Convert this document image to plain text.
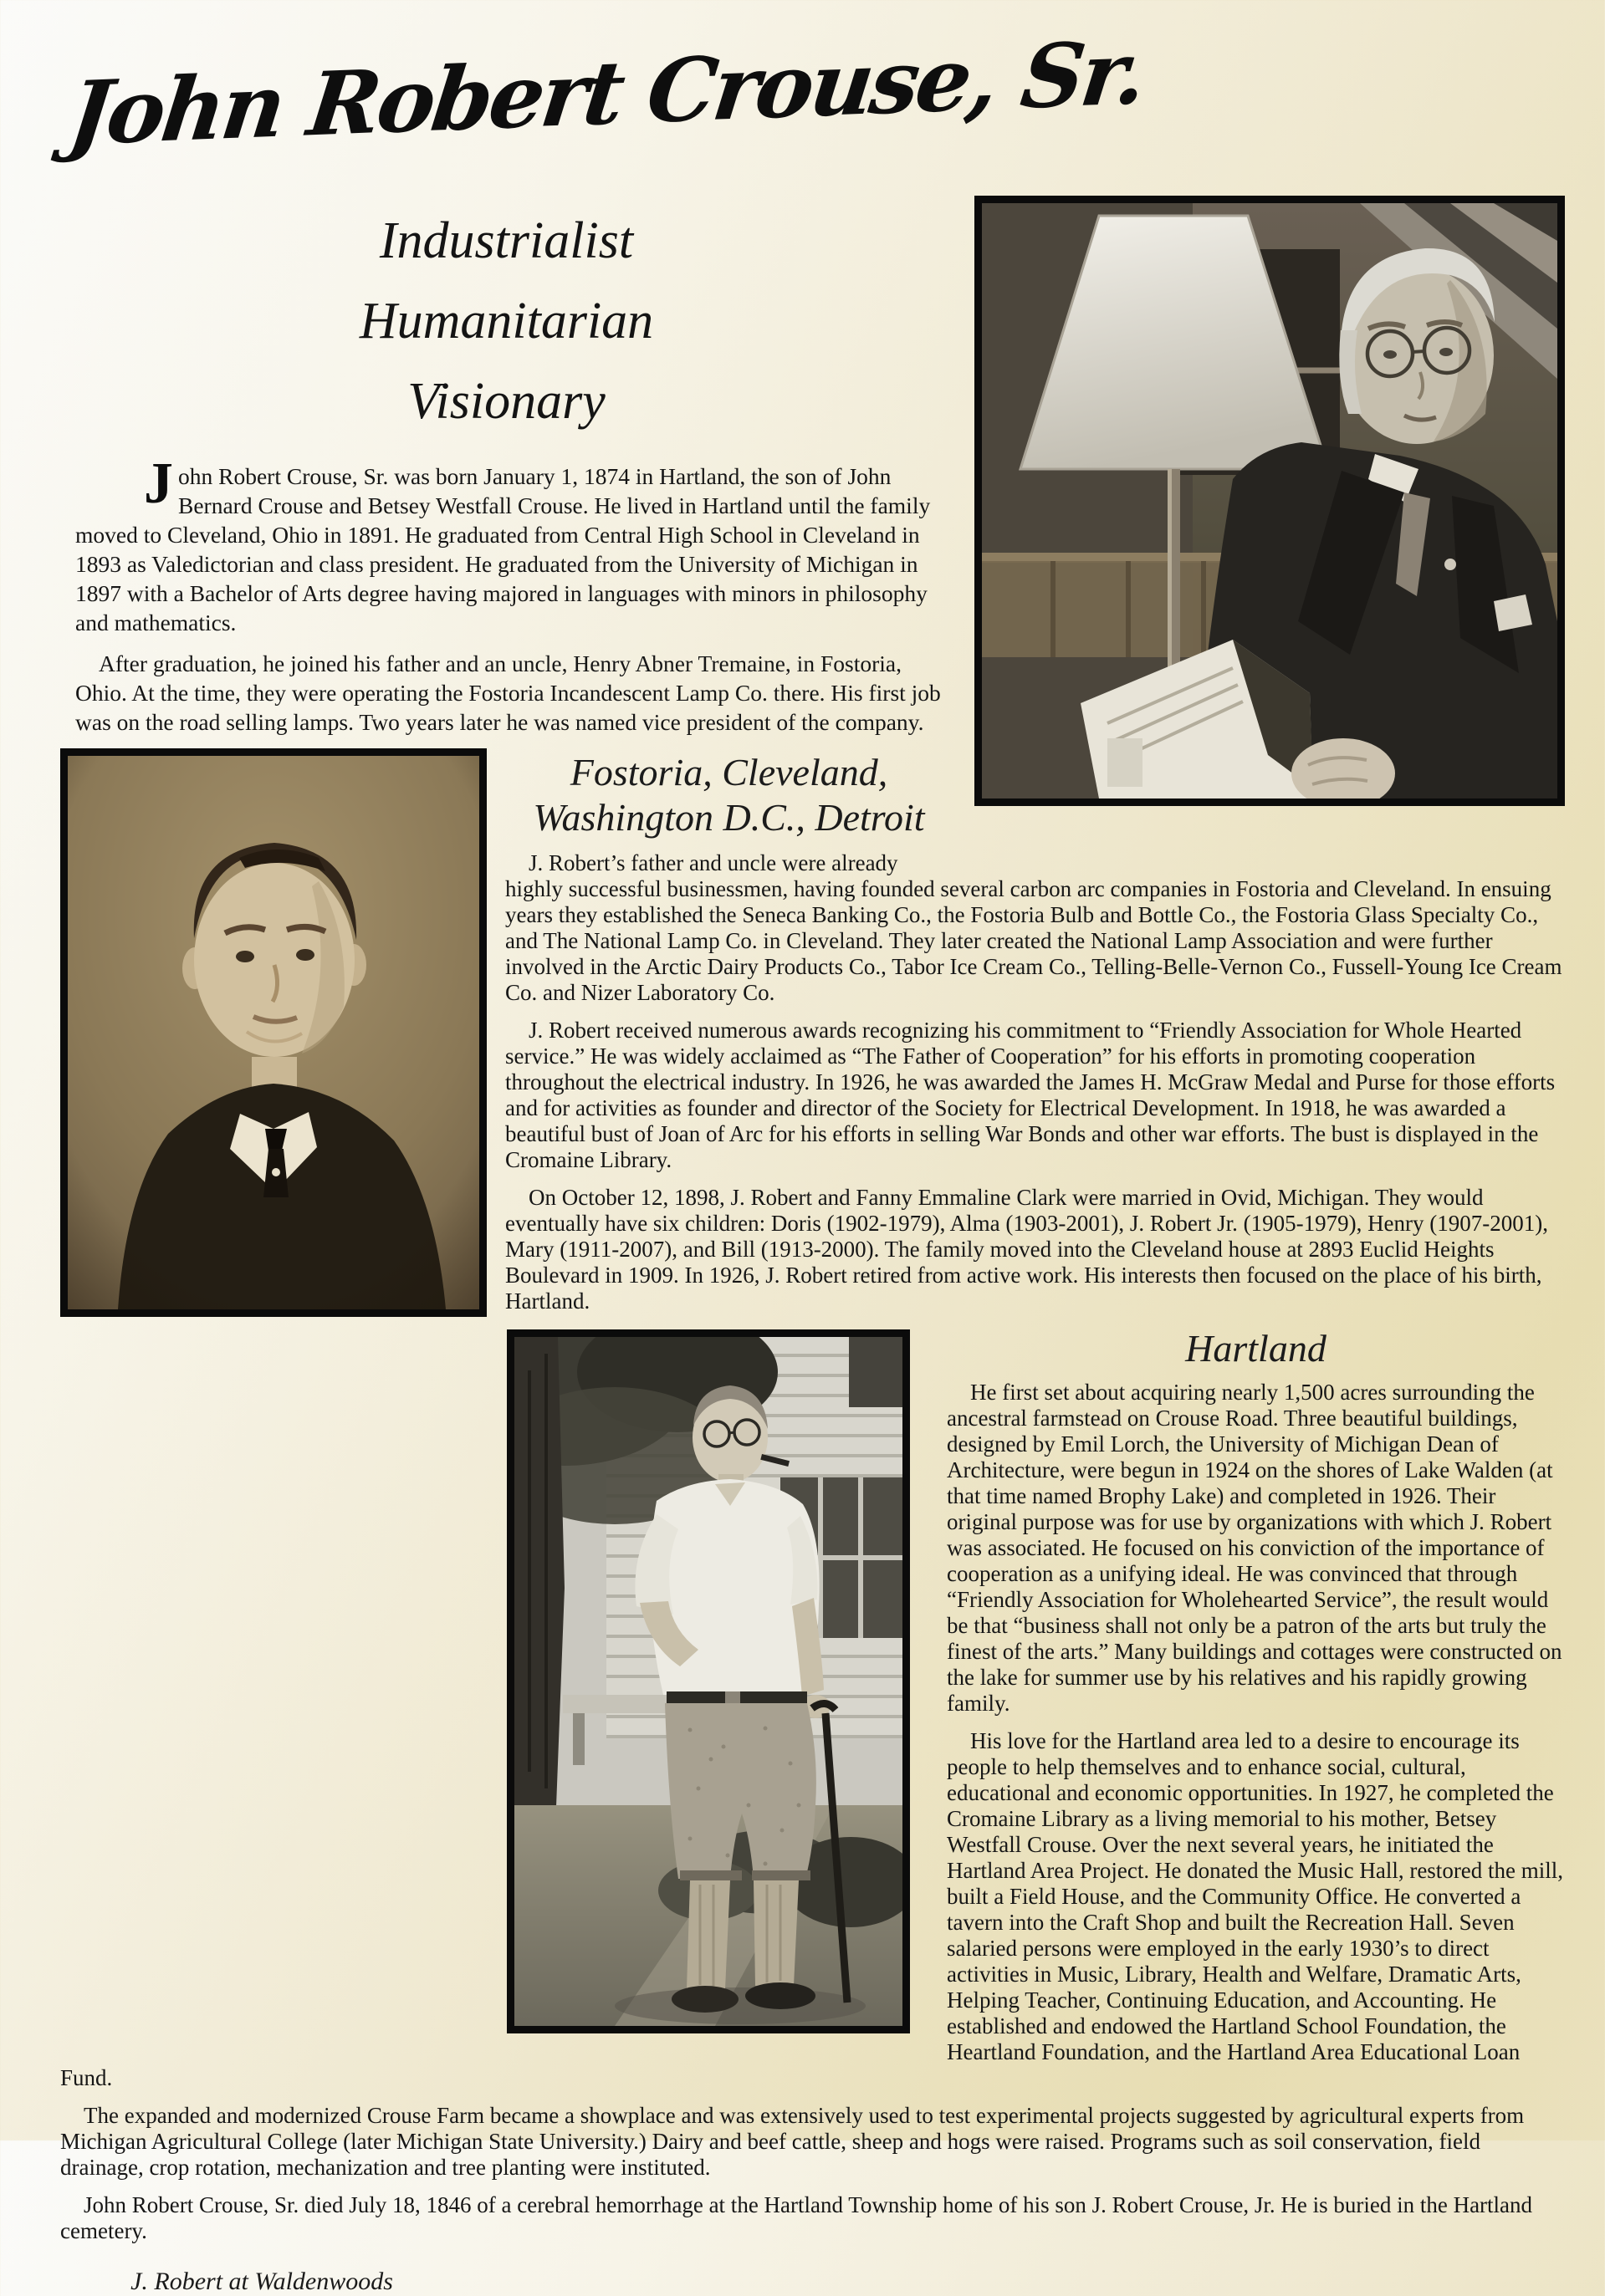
John Robert Crouse, Sr.
Industrialist
Humanitarian
Visionary

John Robert Crouse, Sr. was born January 1, 1874 in Hartland, the son of John Bernard Crouse and Betsey Westfall Crouse. He lived in Hartland until the family moved to Cleveland, Ohio in 1891. He graduated from Central High School in Cleveland in 1893 as Valedictorian and class president. He graduated from the University of Michigan in 1897 with a Bachelor of Arts degree having majored in languages with minors in philosophy and mathematics.

After graduation, he joined his father and an uncle, Henry Abner Tremaine, in Fostoria, Ohio. At the time, they were operating the Fostoria Incandescent Lamp Co. there. His first job was on the road selling lamps. Two years later he was named vice president of the company.

Fostoria, Cleveland,
Washington D.C., Detroit

J. Robert’s father and uncle were already highly successful businessmen, having founded several carbon arc companies in Fostoria and Cleveland. In ensuing years they established the Seneca Banking Co., the Fostoria Bulb and Bottle Co., the Fostoria Glass Specialty Co., and The National Lamp Co. in Cleveland. They later created the National Lamp Association and were further involved in the Arctic Dairy Products Co., Tabor Ice Cream Co., Telling-Belle-Vernon Co., Fussell-Young Ice Cream Co. and Nizer Laboratory Co.

J. Robert received numerous awards recognizing his commitment to “Friendly Association for Whole Hearted service.” He was widely acclaimed as “The Father of Cooperation” for his efforts in promoting cooperation throughout the electrical industry. In 1926, he was awarded the James H. McGraw Medal and Purse for those efforts and for activities as founder and director of the Society for Electrical Development. In 1918, he was awarded a beautiful bust of Joan of Arc for his efforts in selling War Bonds and other war efforts. The bust is displayed in the Cromaine Library.

On October 12, 1898, J. Robert and Fanny Emmaline Clark were married in Ovid, Michigan. They would eventually have six children: Doris (1902-1979), Alma (1903-2001), J. Robert Jr. (1905-1979), Henry (1907-2001), Mary (1911-2007), and Bill (1913-2000). The family moved into the Cleveland house at 2893 Euclid Heights Boulevard in 1909. In 1926, J. Robert retired from active work. His interests then focused on the place of his birth, Hartland.

Hartland

He first set about acquiring nearly 1,500 acres surrounding the ancestral farmstead on Crouse Road. Three beautiful buildings, designed by Emil Lorch, the University of Michigan Dean of Architecture, were begun in 1924 on the shores of Lake Walden (at that time named Brophy Lake) and completed in 1926. Their original purpose was for use by organizations with which J. Robert was associated. He focused on his conviction of the importance of cooperation as a unifying ideal. He was convinced that through “Friendly Association for Wholehearted Service”, the result would be that “business shall not only be a patron of the arts but truly the finest of the arts.” Many buildings and cottages were constructed on the lake for summer use by his relatives and his rapidly growing family.

His love for the Hartland area led to a desire to encourage its people to help themselves and to enhance social, cultural, educational and economic opportunities. In 1927, he completed the Cromaine Library as a living memorial to his mother, Betsey Westfall Crouse. Over the next several years, he initiated the Hartland Area Project. He donated the Music Hall, restored the mill, built a Field House, and the Community Office. He converted a tavern into the Craft Shop and built the Recreation Hall. Seven salaried persons were employed in the early 1930’s to direct activities in Music, Library, Health and Welfare, Dramatic Arts, Helping Teacher, Continuing Education, and Accounting. He established and endowed the Hartland School Foundation, the Heartland Foundation, and the Hartland Area Educational Loan Fund.

The expanded and modernized Crouse Farm became a showplace and was extensively used to test experimental projects suggested by agricultural experts from Michigan Agricultural College (later Michigan State University.) Dairy and beef cattle, sheep and hogs were raised. Programs such as soil conservation, field drainage, crop rotation, mechanization and tree planting were instituted.

John Robert Crouse, Sr. died July 18, 1846 of a cerebral hemorrhage at the Hartland Township home of his son J. Robert Crouse, Jr. He is buried in the Hartland cemetery.

J. Robert at Waldenwoods
